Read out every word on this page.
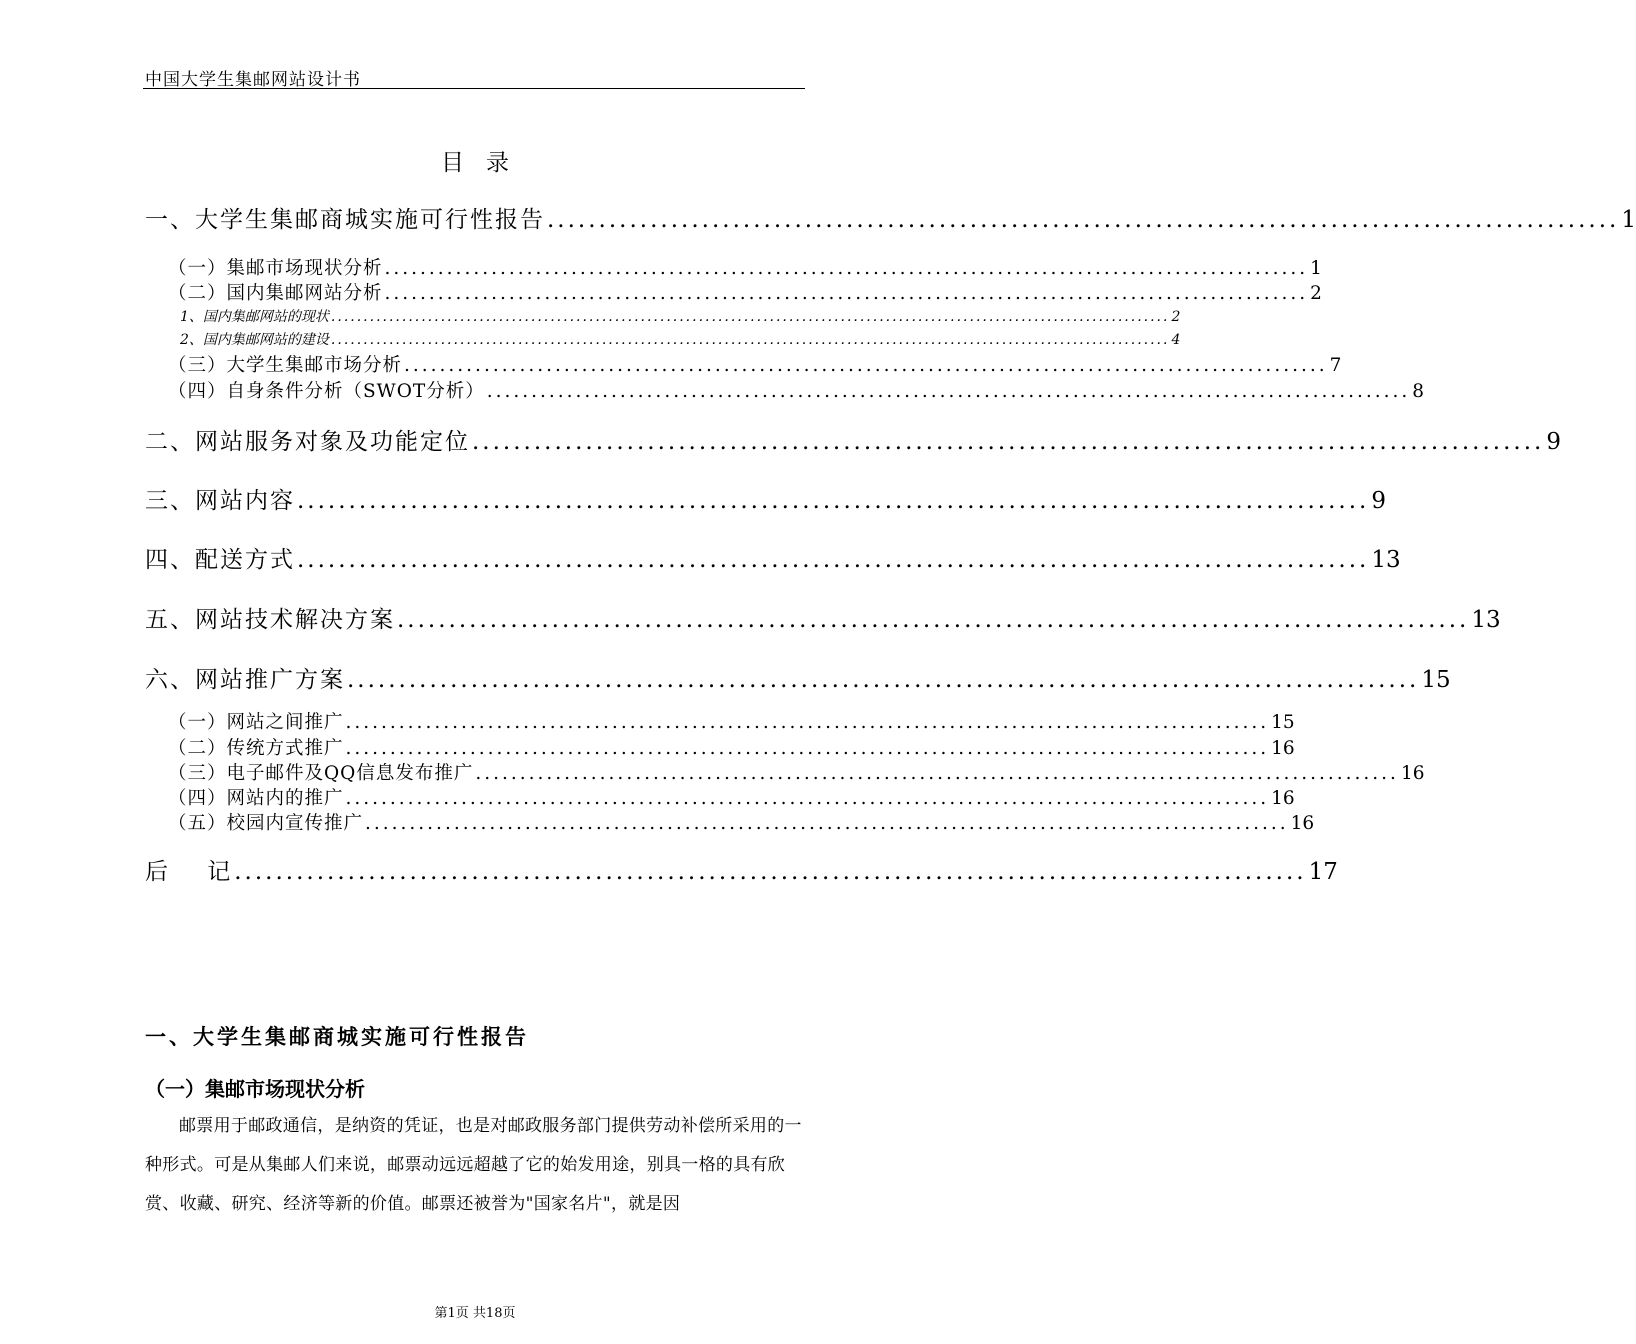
中国大学生集邮网站设计书
目录
一、大学生集邮商城实施可行性报告 ........................................................................................................ 1
（一）集邮市场现状分析 ........................................................................................................ 1
（二）国内集邮网站分析 ........................................................................................................ 2
1、国内集邮网站的现状 .................................................................................................................................. 2
2、国内集邮网站的建设 .................................................................................................................................. 4
（三）大学生集邮市场分析 ........................................................................................................ 7
（四）自身条件分析（SWOT分析） ........................................................................................................ 8
二、网站服务对象及功能定位 ........................................................................................................ 9
三、网站内容 ........................................................................................................ 9
四、配送方式 ........................................................................................................ 13
五、网站技术解决方案 ........................................................................................................ 13
六、网站推广方案 ........................................................................................................ 15
（一）网站之间推广 ........................................................................................................ 15
（二）传统方式推广 ........................................................................................................ 16
（三）电子邮件及QQ信息发布推广 ........................................................................................................ 16
（四）网站内的推广 ........................................................................................................ 16
（五）校园内宣传推广 ........................................................................................................ 16
后    记 ........................................................................................................ 17
一、大学生集邮商城实施可行性报告
（一）集邮市场现状分析
邮票用于邮政通信，是纳资的凭证，也是对邮政服务部门提供劳动补偿所采用的一种形式。可是从集邮人们来说，邮票动远远超越了它的始发用途，别具一格的具有欣赏、收藏、研究、经济等新的价值。邮票还被誉为"国家名片"，就是因
第1页 共18页
